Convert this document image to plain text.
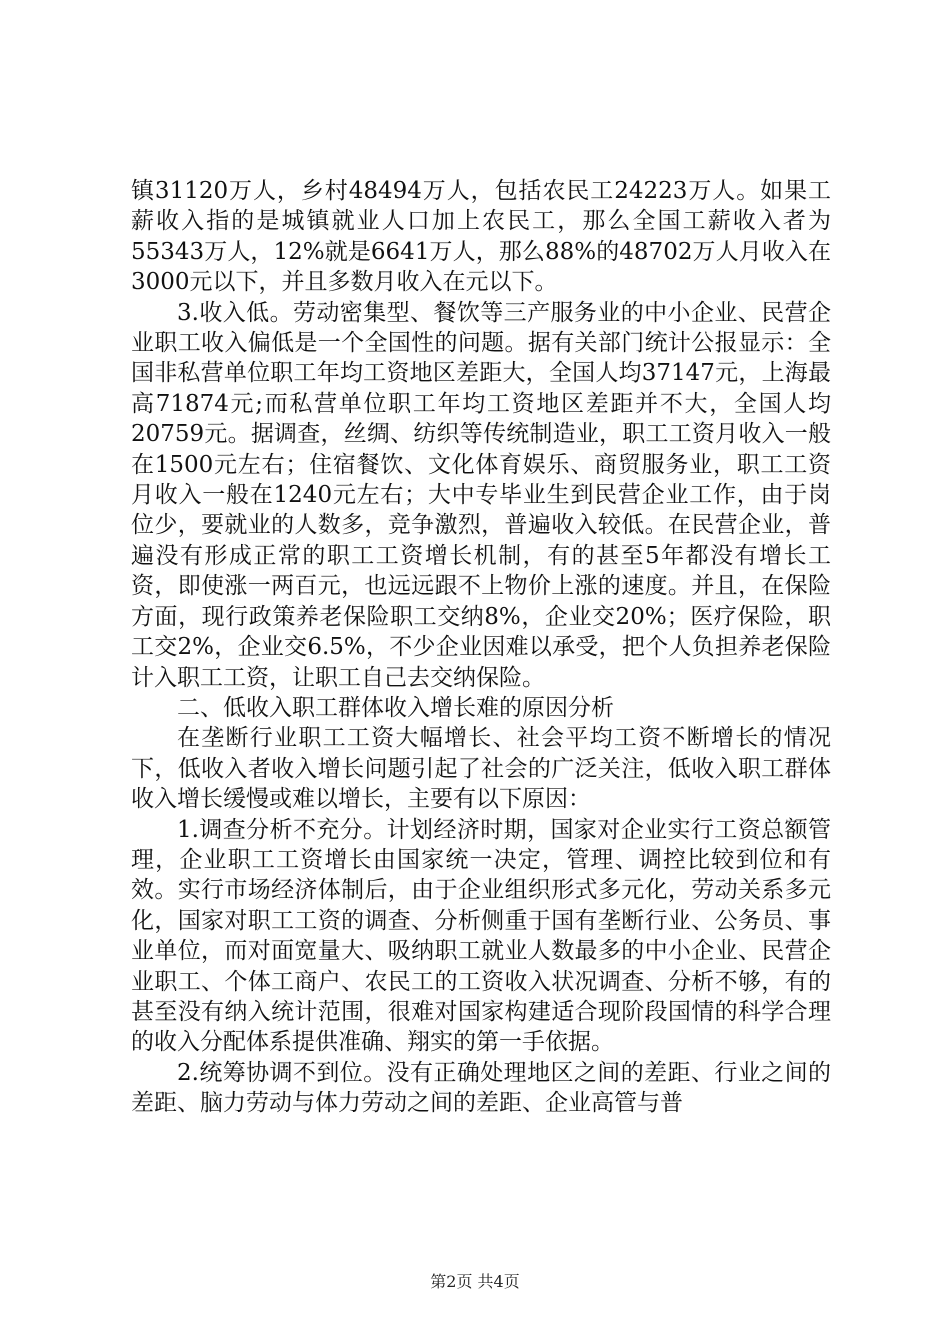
镇31120万人，乡村48494万人，包括农民工24223万人。如果工薪收入指的是城镇就业人口加上农民工，那么全国工薪收入者为55343万人，12%就是6641万人，那么88%的48702万人月收入在3000元以下，并且多数月收入在元以下。

3.收入低。劳动密集型、餐饮等三产服务业的中小企业、民营企业职工收入偏低是一个全国性的问题。据有关部门统计公报显示：全国非私营单位职工年均工资地区差距大，全国人均37147元，上海最高71874元;而私营单位职工年均工资地区差距并不大，全国人均20759元。据调查，丝绸、纺织等传统制造业，职工工资月收入一般在1500元左右；住宿餐饮、文化体育娱乐、商贸服务业，职工工资月收入一般在1240元左右；大中专毕业生到民营企业工作，由于岗位少，要就业的人数多，竞争激烈，普遍收入较低。在民营企业，普遍没有形成正常的职工工资增长机制，有的甚至5年都没有增长工资，即使涨一两百元，也远远跟不上物价上涨的速度。并且，在保险方面，现行政策养老保险职工交纳8%，企业交20%；医疗保险，职工交2%，企业交6.5%，不少企业因难以承受，把个人负担养老保险计入职工工资，让职工自己去交纳保险。

二、低收入职工群体收入增长难的原因分析

在垄断行业职工工资大幅增长、社会平均工资不断增长的情况下，低收入者收入增长问题引起了社会的广泛关注，低收入职工群体收入增长缓慢或难以增长，主要有以下原因：

1.调查分析不充分。计划经济时期，国家对企业实行工资总额管理，企业职工工资增长由国家统一决定，管理、调控比较到位和有效。实行市场经济体制后，由于企业组织形式多元化，劳动关系多元化，国家对职工工资的调查、分析侧重于国有垄断行业、公务员、事业单位，而对面宽量大、吸纳职工就业人数最多的中小企业、民营企业职工、个体工商户、农民工的工资收入状况调查、分析不够，有的甚至没有纳入统计范围，很难对国家构建适合现阶段国情的科学合理的收入分配体系提供准确、翔实的第一手依据。

2.统筹协调不到位。没有正确处理地区之间的差距、行业之间的差距、脑力劳动与体力劳动之间的差距、企业高管与普

第2页 共4页
